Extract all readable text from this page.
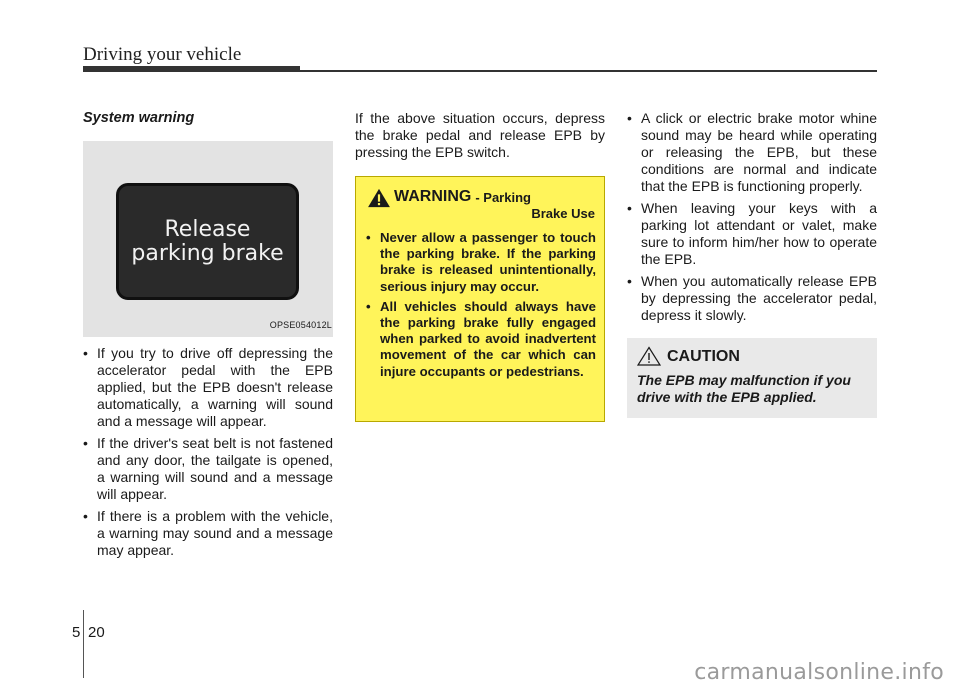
Driving your vehicle
System warning
Release
parking brake
OPSE054012L
• If you try to drive off depressing the accelerator pedal with the EPB applied, but the EPB doesn't release automatically, a warning will sound and a message will appear.
• If the driver's seat belt is not fastened and any door, the tailgate is opened, a warning will sound and a message will appear.
• If there is a problem with the vehicle, a warning may sound and a message may appear.

If the above situation occurs, depress the brake pedal and release EPB by pressing the EPB switch.

WARNING - Parking
Brake Use
• Never allow a passenger to touch the parking brake. If the parking brake is released unintentionally, serious injury may occur.
• All vehicles should always have the parking brake fully engaged when parked to avoid inadvertent movement of the car which can injure occupants or pedestrians.
• A click or electric brake motor whine sound may be heard while operating or releasing the EPB, but these conditions are normal and indicate that the EPB is functioning properly.
• When leaving your keys with a parking lot attendant or valet, make sure to inform him/her how to operate the EPB.
• When you automatically release EPB by depressing the accelerator pedal, depress it slowly.
CAUTION
The EPB may malfunction if you drive with the EPB applied.
5 20
carmanualsonline.info
